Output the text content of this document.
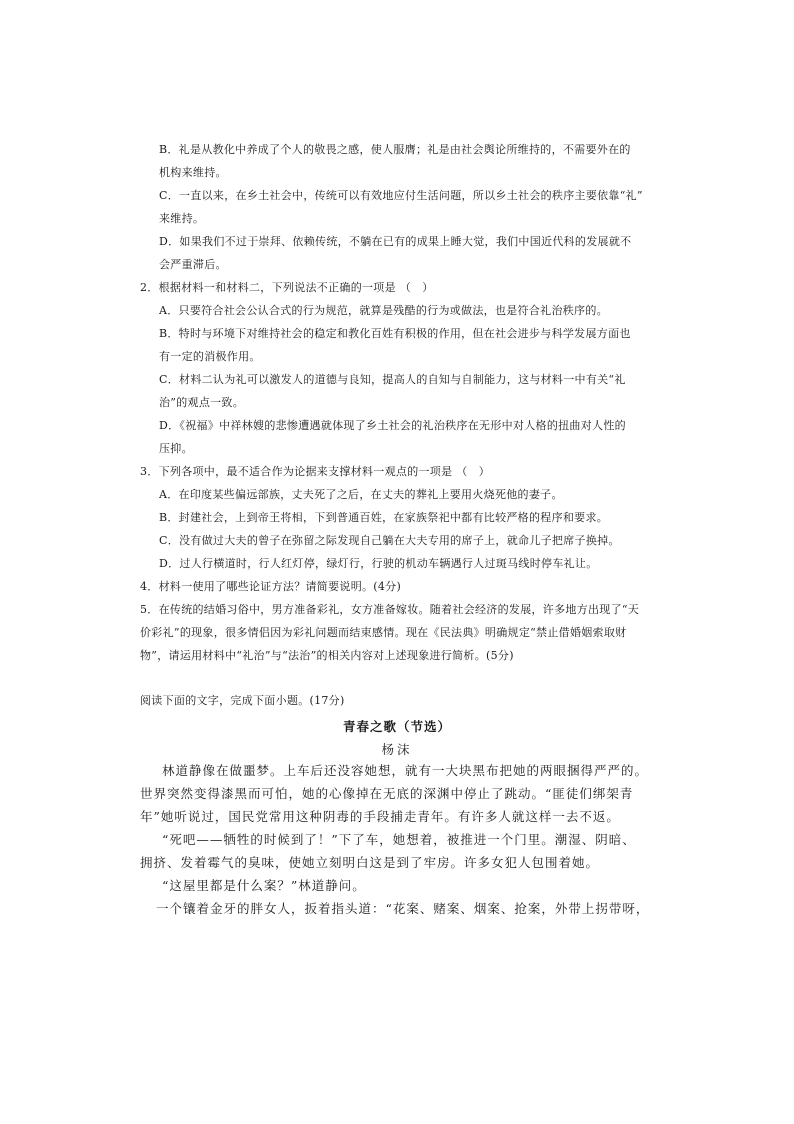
B．礼是从教化中养成了个人的敬畏之感，使人服膺；礼是由社会舆论所维持的，不需要外在的
机构来维持。
C．一直以来，在乡土社会中，传统可以有效地应付生活问题，所以乡土社会的秩序主要依靠“礼”
来维持。
D．如果我们不过于崇拜、依赖传统，不躺在已有的成果上睡大觉，我们中国近代科的发展就不
会严重滞后。
2．根据材料一和材料二，下列说法不正确的一项是 （　）
A．只要符合社会公认合式的行为规范，就算是残酷的行为或做法，也是符合礼治秩序的。
B．特时与环境下对维持社会的稳定和教化百姓有积极的作用，但在社会进步与科学发展方面也
有一定的消极作用。
C．材料二认为礼可以激发人的道德与良知，提高人的自知与自制能力，这与材料一中有关“礼
治”的观点一致。
D．《祝福》中祥林嫂的悲惨遭遇就体现了乡土社会的礼治秩序在无形中对人格的扭曲对人性的
压抑。
3．下列各项中，最不适合作为论据来支撑材料一观点的一项是 （　）
A．在印度某些偏远部族，丈夫死了之后，在丈夫的葬礼上要用火烧死他的妻子。
B．封建社会，上到帝王将相，下到普通百姓，在家族祭祀中都有比较严格的程序和要求。
C．没有做过大夫的曾子在弥留之际发现自己躺在大夫专用的席子上，就命儿子把席子换掉。
D．过人行横道时，行人红灯停，绿灯行，行驶的机动车辆遇行人过斑马线时停车礼让。
4．材料一使用了哪些论证方法？请简要说明。(4分)
5．在传统的结婚习俗中，男方准备彩礼，女方准备嫁妆。随着社会经济的发展，许多地方出现了“天
价彩礼”的现象，很多情侣因为彩礼问题而结束感情。现在《民法典》明确规定“禁止借婚姻索取财
物”，请运用材料中“礼治”与“法治”的相关内容对上述现象进行简析。(5分)
阅读下面的文字，完成下面小题。(17分)
青春之歌（节选）
杨沫
林道静像在做噩梦。上车后还没容她想，就有一大块黑布把她的两眼捆得严严的。
世界突然变得漆黑而可怕，她的心像掉在无底的深渊中停止了跳动。“匪徒们绑架青
年”她听说过，国民党常用这种阴毒的手段捕走青年。有许多人就这样一去不返。
“死吧——牺牲的时候到了！”下了车，她想着，被推进一个门里。潮湿、阴暗、
拥挤、发着霉气的臭味，使她立刻明白这是到了牢房。许多女犯人包围着她。
“这屋里都是什么案？”林道静问。
一个镶着金牙的胖女人，扳着指头道：“花案、赌案、烟案、抢案，外带上拐带呀，
